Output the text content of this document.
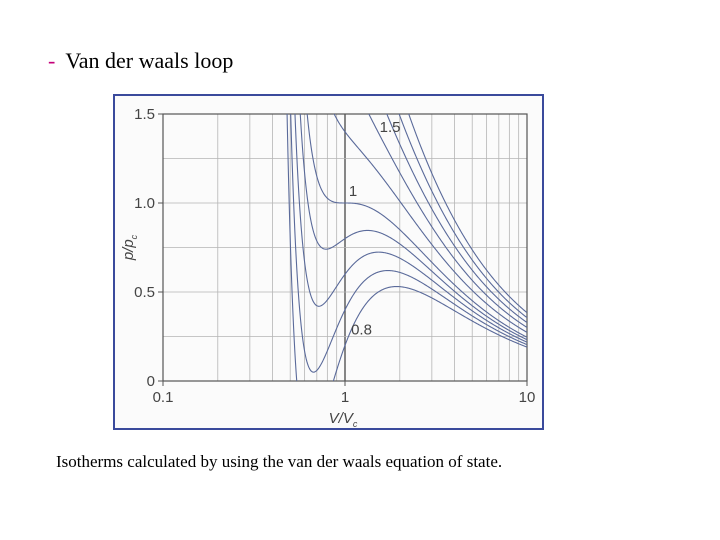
- Van der waals loop
0
0.5
1.0
1.5
0.1	1	10
$V/V_c$
$p/p_c$
1.5
1
0.8
Isotherms calculated by using the van der waals equation of state.
